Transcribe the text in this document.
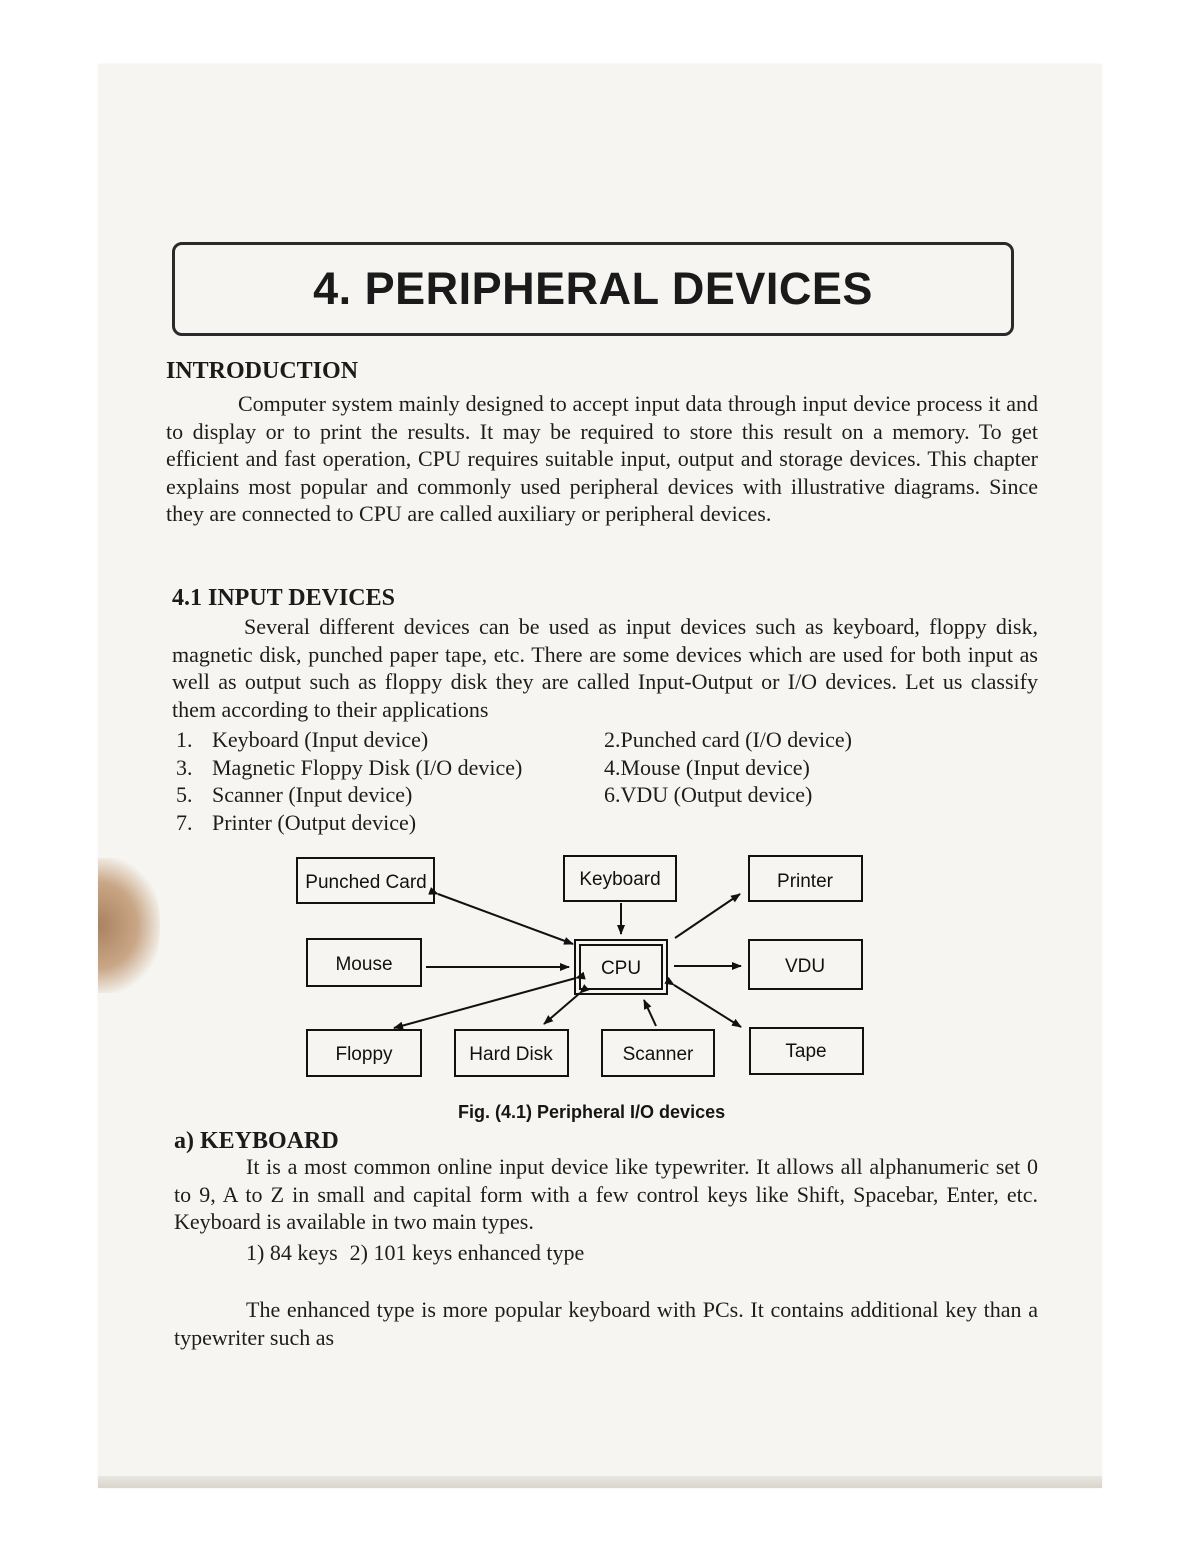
4. PERIPHERAL DEVICES
INTRODUCTION

Computer system mainly designed to accept input data through input device process it and to display or to print the results. It may be required to store this result on a memory. To get efficient and fast operation, CPU requires suitable input, output and storage devices. This chapter explains most popular and commonly used peripheral devices with illustrative diagrams. Since they are connected to CPU are called auxiliary or peripheral devices.

4.1 INPUT DEVICES

Several different devices can be used as input devices such as keyboard, floppy disk, magnetic disk, punched paper tape, etc. There are some devices which are used for both input as well as output such as floppy disk they are called Input-Output or I/O devices. Let us classify them according to their applications

1. Keyboard (Input device)	2.Punched card (I/O device)
3. Magnetic Floppy Disk (I/O device)	4.Mouse (Input device)
5. Scanner (Input device)	6.VDU (Output device)
7. Printer (Output device)
Punched Card	Keyboard	Printer
Mouse	CPU	VDU
Floppy	Hard Disk	Scanner	Tape
Fig. (4.1) Peripheral I/O devices
a) KEYBOARD

It is a most common online input device like typewriter. It allows all alphanumeric set 0 to 9, A to Z in small and capital form with a few control keys like Shift, Spacebar, Enter, etc. Keyboard is available in two main types.

1) 84 keys 2) 101 keys enhanced type

The enhanced type is more popular keyboard with PCs. It contains additional key than a typewriter such as
